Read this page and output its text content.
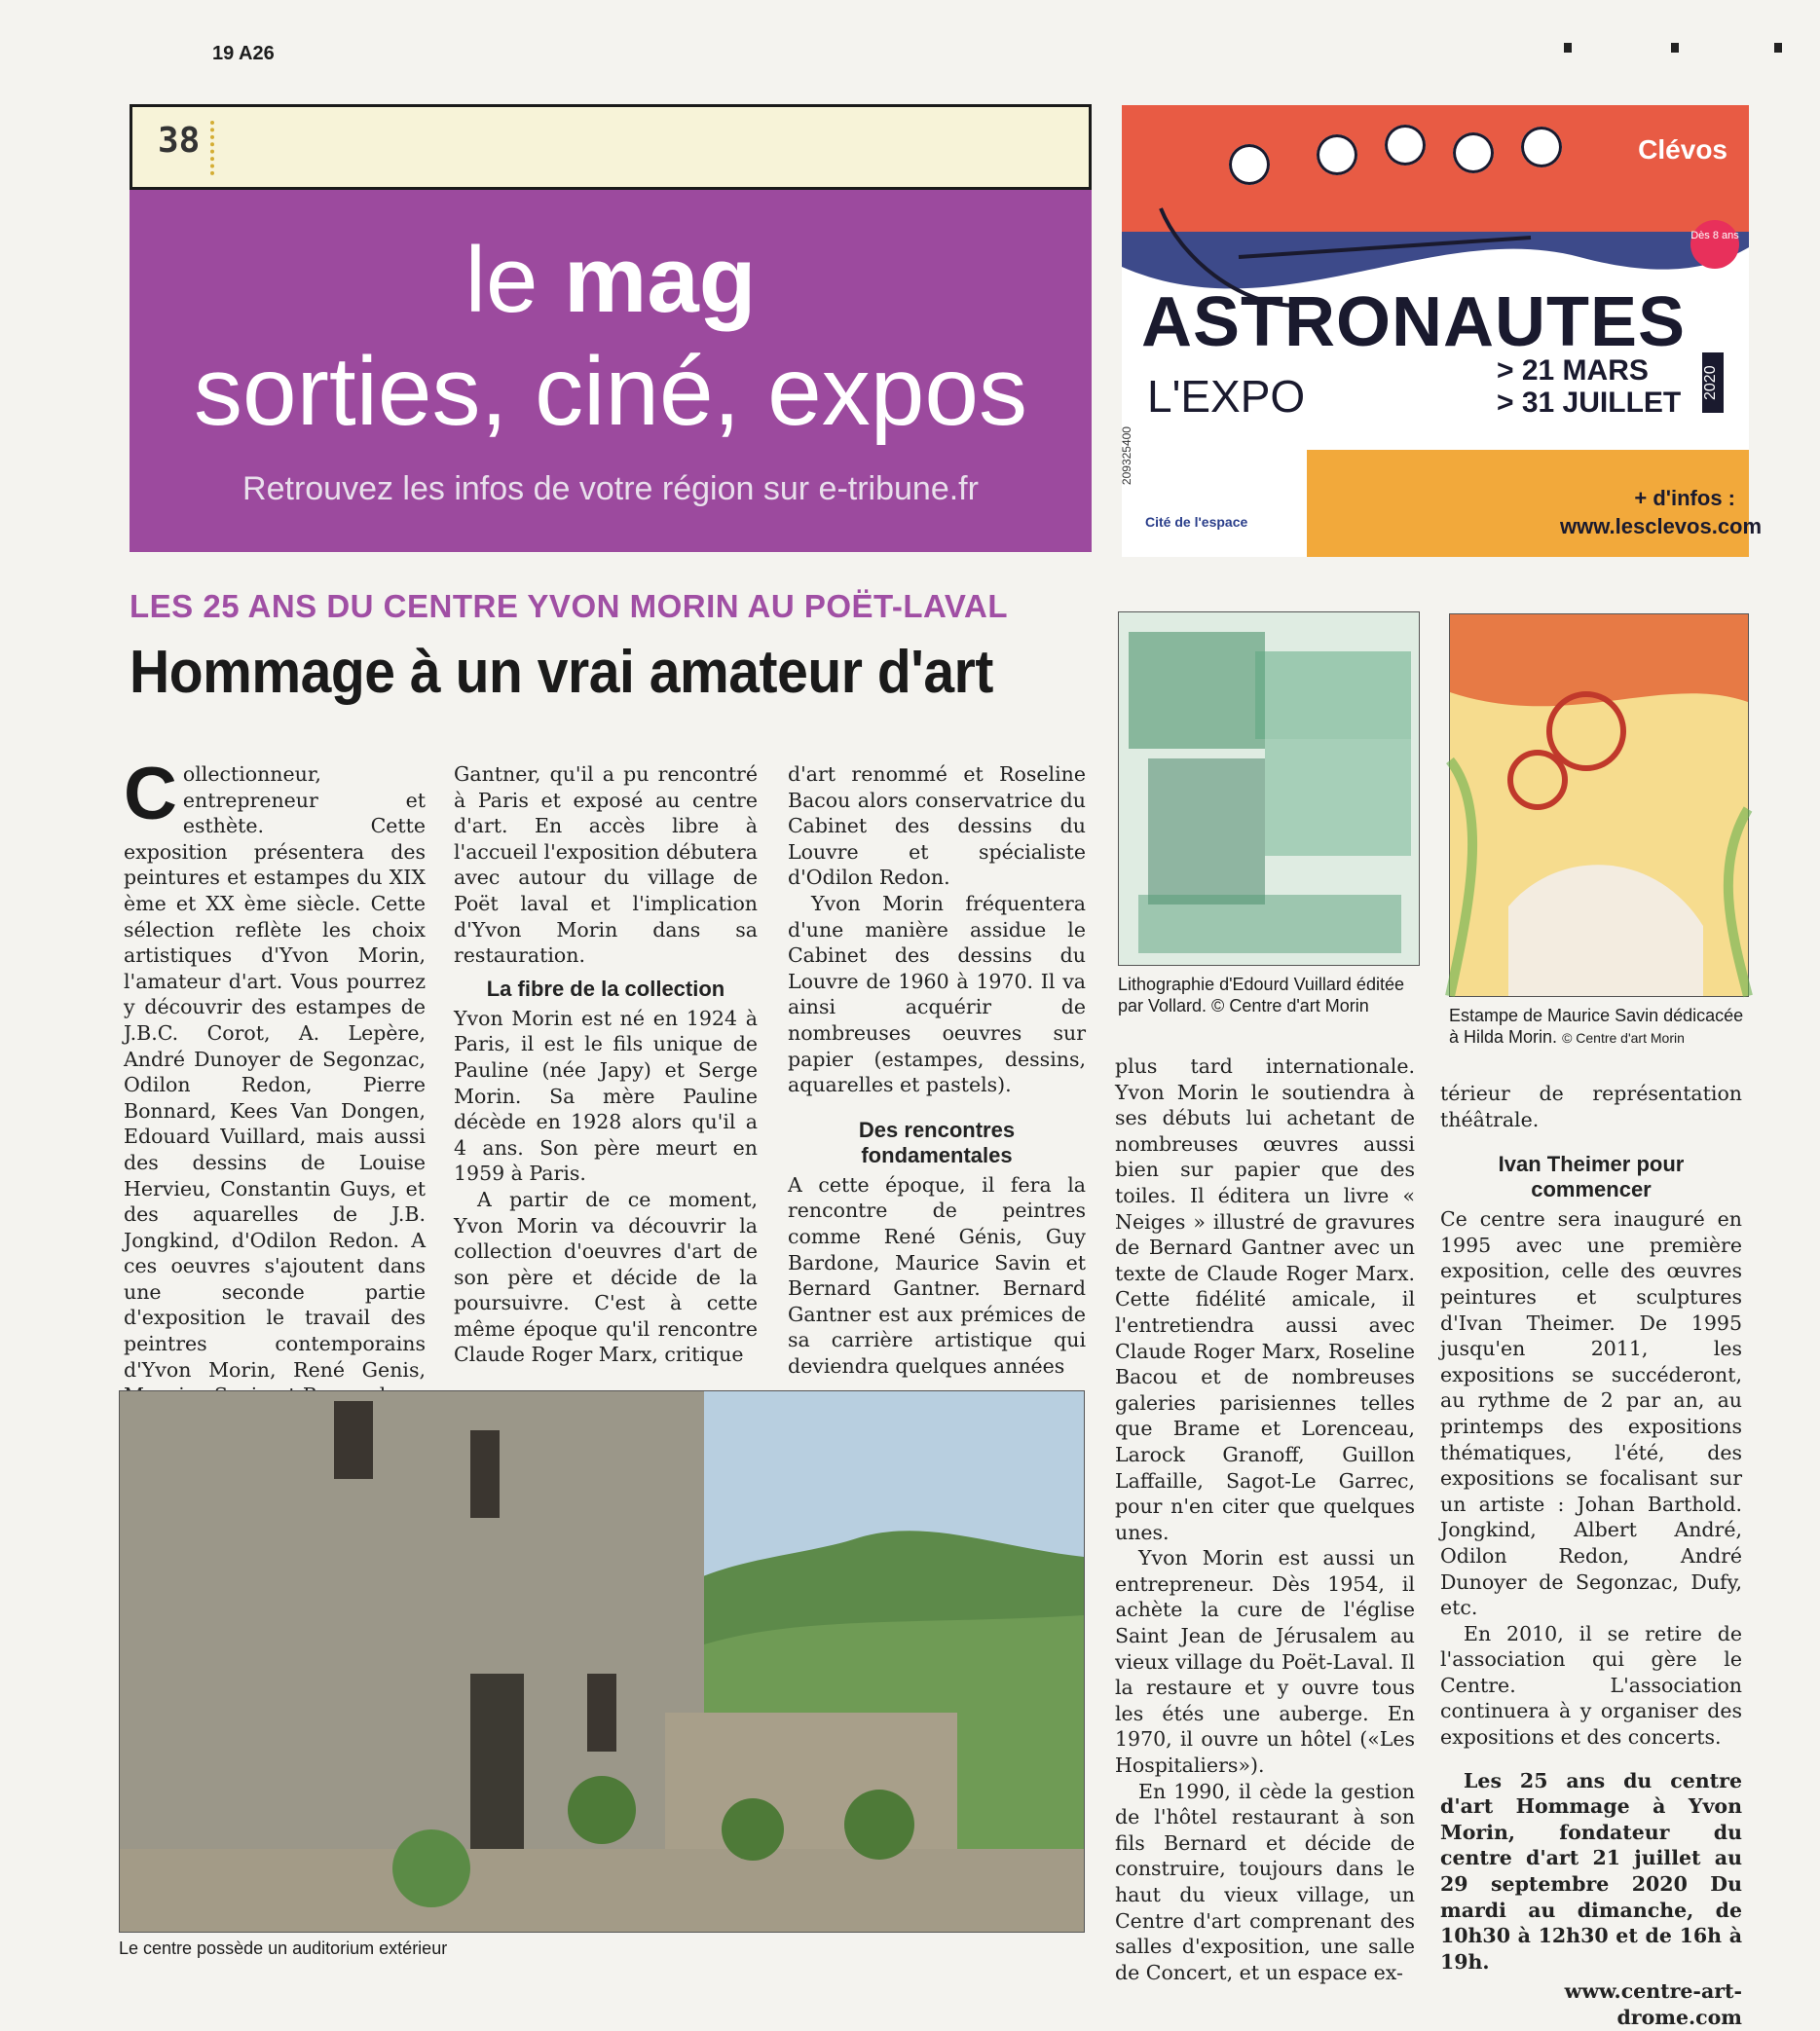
19 A26
38
le mag
sorties, ciné, expos
Retrouvez les infos de votre région sur e-tribune.fr
Clévos
Dès 8 ans
ASTRONAUTES
L'EXPO
> 21 MARS
> 31 JUILLET
2020
+ d'infos :
www.lesclevos.com
209325400
Cité de l'espace
LES 25 ANS DU CENTRE YVON MORIN AU POËT-LAVAL
Hommage à un vrai amateur d'art
C ollectionneur, entrepreneur et esthète. Cette exposition présentera des peintures et estampes du XIX ème et XX ème siècle. Cette sélection reflète les choix artistiques d'Yvon Morin, l'amateur d'art. Vous pourrez y découvrir des estampes de J.B.C. Corot, A. Lepère, André Dunoyer de Segonzac, Odilon Redon, Pierre Bonnard, Kees Van Dongen, Edouard Vuillard, mais aussi des dessins de Louise Hervieu, Constantin Guys, et des aquarelles de J.B. Jongkind, d'Odilon Redon. A ces oeuvres s'ajoutent dans une seconde partie d'exposition le travail des peintres contemporains d'Yvon Morin, René Genis,

Gantner, qu'il a pu rencontré à Paris et exposé au centre d'art. En accès libre à l'accueil l'exposition débutera avec autour du village de Poët laval et l'implication d'Yvon Morin dans sa restauration.

La fibre de la collection

Yvon Morin est né en 1924 à Paris, il est le fils unique de Pauline (née Japy) et Serge Morin. Sa mère Pauline décède en 1928 alors qu'il a 4 ans. Son père meurt en 1959 à Paris.

A partir de ce moment, Yvon Morin va découvrir la collection d'oeuvres d'art de son père et décide de la poursuivre. C'est à cette même époque qu'il rencontre Claude Roger Marx, critique

d'art renommé et Roseline Bacou alors conservatrice du Cabinet des dessins du Louvre et spécialiste d'Odilon Redon.

Yvon Morin fréquentera d'une manière assidue le Cabinet des dessins du Louvre de 1960 à 1970. Il va ainsi acquérir de nombreuses oeuvres sur papier (estampes, dessins, aquarelles et pastels).

Des rencontres fondamentales

A cette époque, il fera la rencontre de peintres comme René Génis, Guy Bardone, Maurice Savin et Bernard Gantner. Bernard Gantner est aux prémices de sa carrière artistique qui deviendra quelques années

Lithographie d'Edourd Vuillard éditée par Vollard. © Centre d'art Morin	Estampe de Maurice Savin dédicacée à Hilda Morin. © Centre d'art Morin

plus tard internationale. Yvon Morin le soutiendra à ses débuts lui achetant de nombreuses œuvres aussi bien sur papier que des toiles. Il éditera un livre « Neiges » illustré de gravures de Bernard Gantner avec un texte de Claude Roger Marx. Cette fidélité amicale, il l'entretiendra aussi avec Claude Roger Marx, Roseline Bacou et de nombreuses galeries parisiennes telles que Brame et Lorenceau, Larock Granoff, Guillon Laffaille, Sagot-Le Garrec, pour n'en citer que quelques unes.

Yvon Morin est aussi un entrepreneur. Dès 1954, il achète la cure de l'église Saint Jean de Jérusalem au vieux village du Poët-Laval. Il la restaure et y ouvre tous les étés une auberge. En 1970, il ouvre un hôtel («Les Hospitaliers»).

En 1990, il cède la gestion de l'hôtel restaurant à son fils Bernard et décide de construire, toujours dans le haut du vieux village, un Centre d'art comprenant des salles d'exposition, une salle de Concert, et un espace ex-

térieur de représentation théâtrale.

Ivan Theimer pour commencer

Ce centre sera inauguré en 1995 avec une première exposition, celle des œuvres peintures et sculptures d'Ivan Theimer. De 1995 jusqu'en 2011, les expositions se succéderont, au rythme de 2 par an, au printemps des expositions thématiques, l'été, des expositions se focalisant sur un artiste : Johan Barthold. Jongkind, Albert André, Odilon Redon, André Dunoyer de Segonzac, Dufy, etc.

En 2010, il se retire de l'association qui gère le Centre. L'association continuera à y organiser des expositions et des concerts.

Les 25 ans du centre d'art Hommage à Yvon Morin, fondateur du centre d'art 21 juillet au 29 septembre 2020 Du mardi au dimanche, de 10h30 à 12h30 et de 16h à 19h.

www.centre-art-drome.com
Le centre possède un auditorium extérieur
